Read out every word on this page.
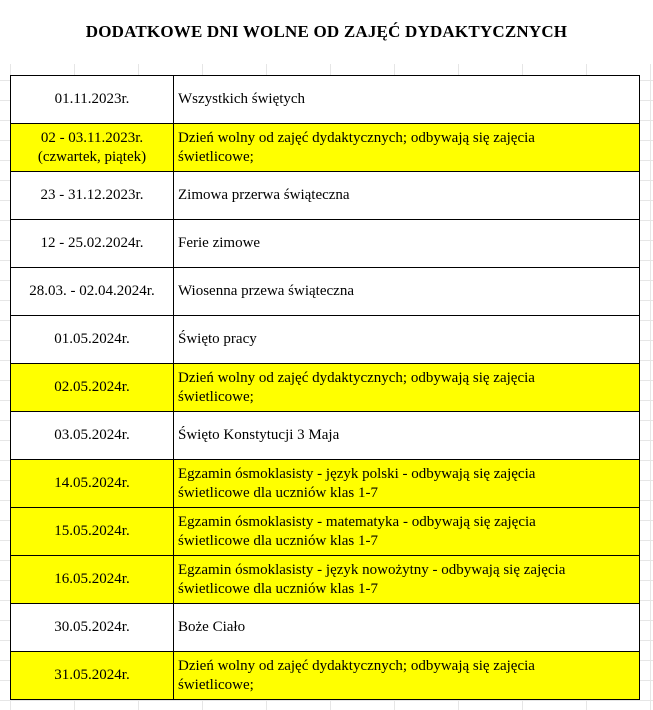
DODATKOWE DNI WOLNE OD ZAJĘĆ DYDAKTYCZNYCH
01.11.2023r.	Wszystkich świętych

02 - 03.11.2023r.
(czwartek, piątek)	Dzień wolny od zajęć dydaktycznych; odbywają się zajęcia
świetlicowe;

23 - 31.12.2023r.	Zimowa przerwa świąteczna

12 - 25.02.2024r.	Ferie zimowe

28.03. - 02.04.2024r.	Wiosenna przewa świąteczna

01.05.2024r.	Święto pracy

02.05.2024r.	Dzień wolny od zajęć dydaktycznych; odbywają się zajęcia
świetlicowe;

03.05.2024r.	Święto Konstytucji 3 Maja

14.05.2024r.	Egzamin ósmoklasisty - język polski - odbywają się zajęcia
świetlicowe dla uczniów klas 1-7

15.05.2024r.	Egzamin ósmoklasisty - matematyka - odbywają się zajęcia
świetlicowe dla uczniów klas 1-7

16.05.2024r.	Egzamin ósmoklasisty - język nowożytny - odbywają się zajęcia
świetlicowe dla uczniów klas 1-7

30.05.2024r.	Boże Ciało

31.05.2024r.	Dzień wolny od zajęć dydaktycznych; odbywają się zajęcia
świetlicowe;
